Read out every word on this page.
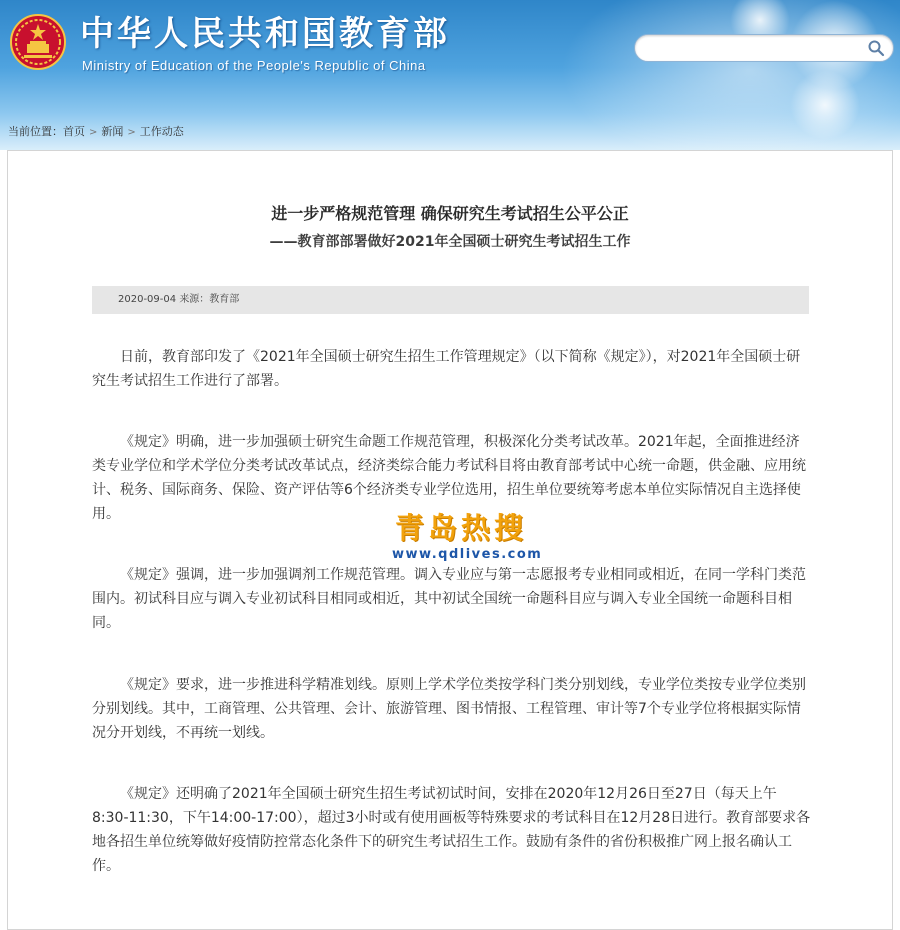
中华人民共和国教育部
Ministry of Education of the People's Republic of China
当前位置：首页 > 新闻 > 工作动态
进一步严格规范管理 确保研究生考试招生公平公正
——教育部部署做好2021年全国硕士研究生考试招生工作
2020-09-04 来源：教育部

日前，教育部印发了《2021年全国硕士研究生招生工作管理规定》（以下简称《规定》），对2021年全国硕士研究生考试招生工作进行了部署。

《规定》明确，进一步加强硕士研究生命题工作规范管理，积极深化分类考试改革。2021年起，全面推进经济类专业学位和学术学位分类考试改革试点，经济类综合能力考试科目将由教育部考试中心统一命题，供金融、应用统计、税务、国际商务、保险、资产评估等6个经济类专业学位选用，招生单位要统筹考虑本单位实际情况自主选择使用。

《规定》强调，进一步加强调剂工作规范管理。调入专业应与第一志愿报考专业相同或相近，在同一学科门类范围内。初试科目应与调入专业初试科目相同或相近，其中初试全国统一命题科目应与调入专业全国统一命题科目相同。

《规定》要求，进一步推进科学精准划线。原则上学术学位类按学科门类分别划线，专业学位类按专业学位类别分别划线。其中，工商管理、公共管理、会计、旅游管理、图书情报、工程管理、审计等7个专业学位将根据实际情况分开划线，不再统一划线。

《规定》还明确了2021年全国硕士研究生招生考试初试时间，安排在2020年12月26日至27日（每天上午8:30-11:30，下午14:00-17:00），超过3小时或有使用画板等特殊要求的考试科目在12月28日进行。教育部要求各地各招生单位统筹做好疫情防控常态化条件下的研究生考试招生工作。鼓励有条件的省份积极推广网上报名确认工作。

青岛热搜
www.qdlives.com
